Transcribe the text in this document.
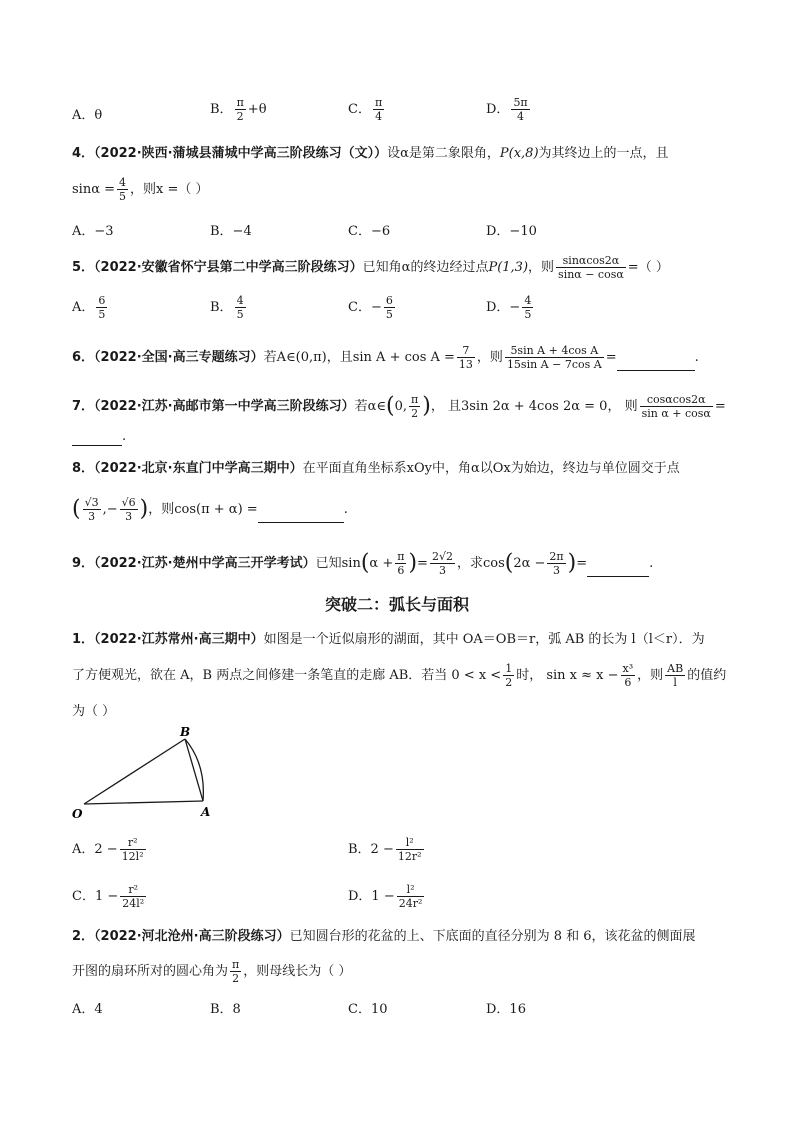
A．θ	B． $\frac{\pi}{2} +\theta$	C． $\frac{\pi}{4}$	D． $\frac{5\pi}{4}$
4．（2022·陕西·蒲城县蒲城中学高三阶段练习（文））设α是第二象限角，P(x,8)为其终边上的一点，且
$\sin\alpha = \frac{4}{5}$ ，则x =（ ）
A．−3	B．−4	C．−6	D．−10
5．（2022·安徽省怀宁县第二中学高三阶段练习）已知角α的终边经过点P(1,3)，则 $\frac{\sin\alpha\cos 2\alpha}{\sin\alpha - \cos\alpha}$ =（ ）
A． $\frac{6}{5}$	B． $\frac{4}{5}$	C．− $\frac{6}{5}$	D．− $\frac{4}{5}$
6．（2022·全国·高三专题练习）若A∈(0,π)，且$\sin A + \cos A = \frac{7}{13}$ ，则 $\frac{\text{5sin A + 4cos A}}{\text{15sin A − 7cos A}}$ =	.
7．（2022·江苏·高邮市第一中学高三阶段练习）若α∈(0, $\frac{\pi}{2}$ )， 且3sin 2α + 4cos 2α = 0， 则 $\frac{\cos\alpha\cos 2\alpha}{\text{sin α + cosα}}$ =
.
8．（2022·北京·东直门中学高三期中）在平面直角坐标系xOy中，角α以Ox为始边，终边与单位圆交于点
( $\frac{√3}{3}$ ,− $\frac{√6}{3}$ )，则cos(π + α) =	.
9．（2022·江苏·楚州中学高三开学考试）已知$\sin(\alpha + \frac{\pi}{6}$ )= $\frac{2√2}{3}$ ，求$\cos(2\alpha - \frac{2\pi}{3}$ )=	.
突破二：弧长与面积
1．（2022·江苏常州·高三期中）如图是一个近似扇形的湖面，其中 OA＝OB＝r，弧 AB 的长为 l（l＜r）．为
了方便观光，欲在 A，B 两点之间修建一条笔直的走廊 AB．若当 $0 < x < \frac{1}{2}$ 时， $\sin x \approx x - \frac{\text{x³}}{6}$ ，则 $\frac{AB}{l}$ 的值约
为（ ）
O	A
B
A．$2 - \frac{\text{r²}}{\text{12l²}}$	B．$2 - \frac{\text{l²}}{\text{12r²}}$
C．$1 - \frac{\text{r²}}{\text{24l²}}$	D．$1 - \frac{\text{l²}}{\text{24r²}}$
2．（2022·河北沧州·高三阶段练习）已知圆台形的花盆的上、下底面的直径分别为 8 和 6，该花盆的侧面展
开图的扇环所对的圆心角为 $\frac{\pi}{2}$ ，则母线长为（ ）
A．4	B．8	C．10	D．16
